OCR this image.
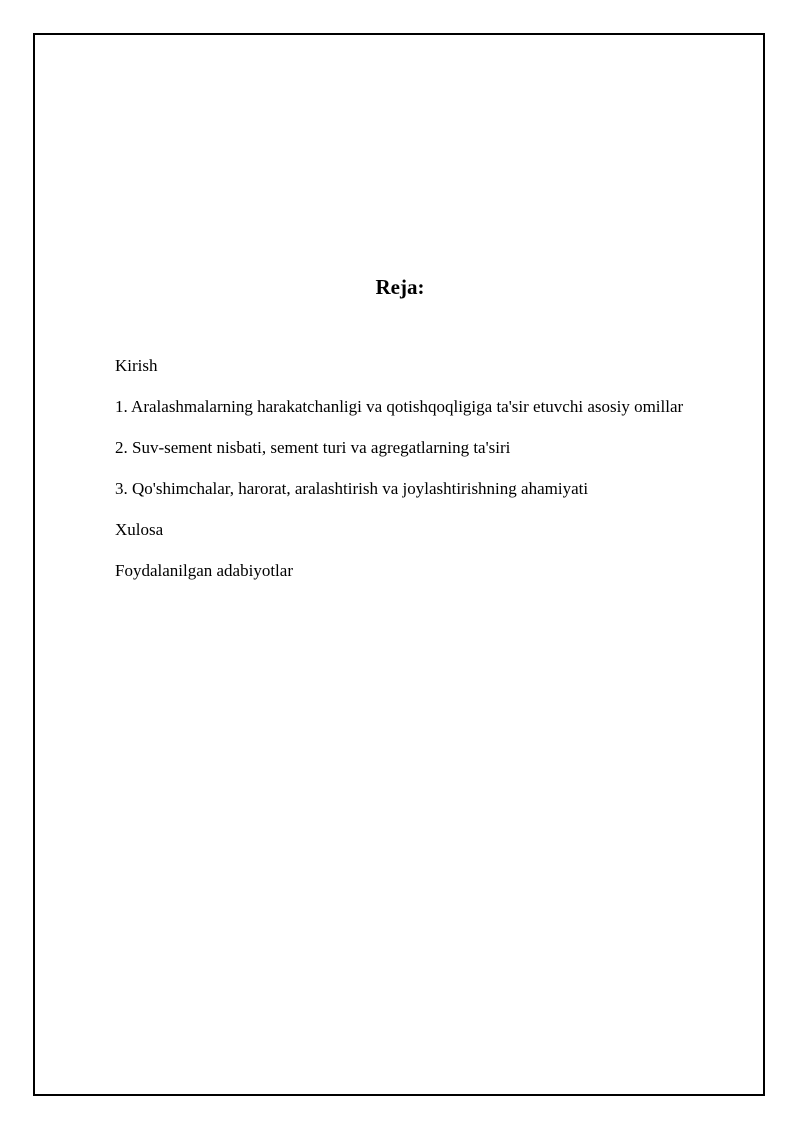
Reja:
Kirish
1. Aralashmalarning harakatchanligi va qotishqoqligiga ta'sir etuvchi asosiy omillar
2. Suv-sement nisbati, sement turi va agregatlarning ta'siri
3. Qo'shimchalar, harorat, aralashtirish va joylashtirishning ahamiyati
Xulosa
Foydalanilgan adabiyotlar
